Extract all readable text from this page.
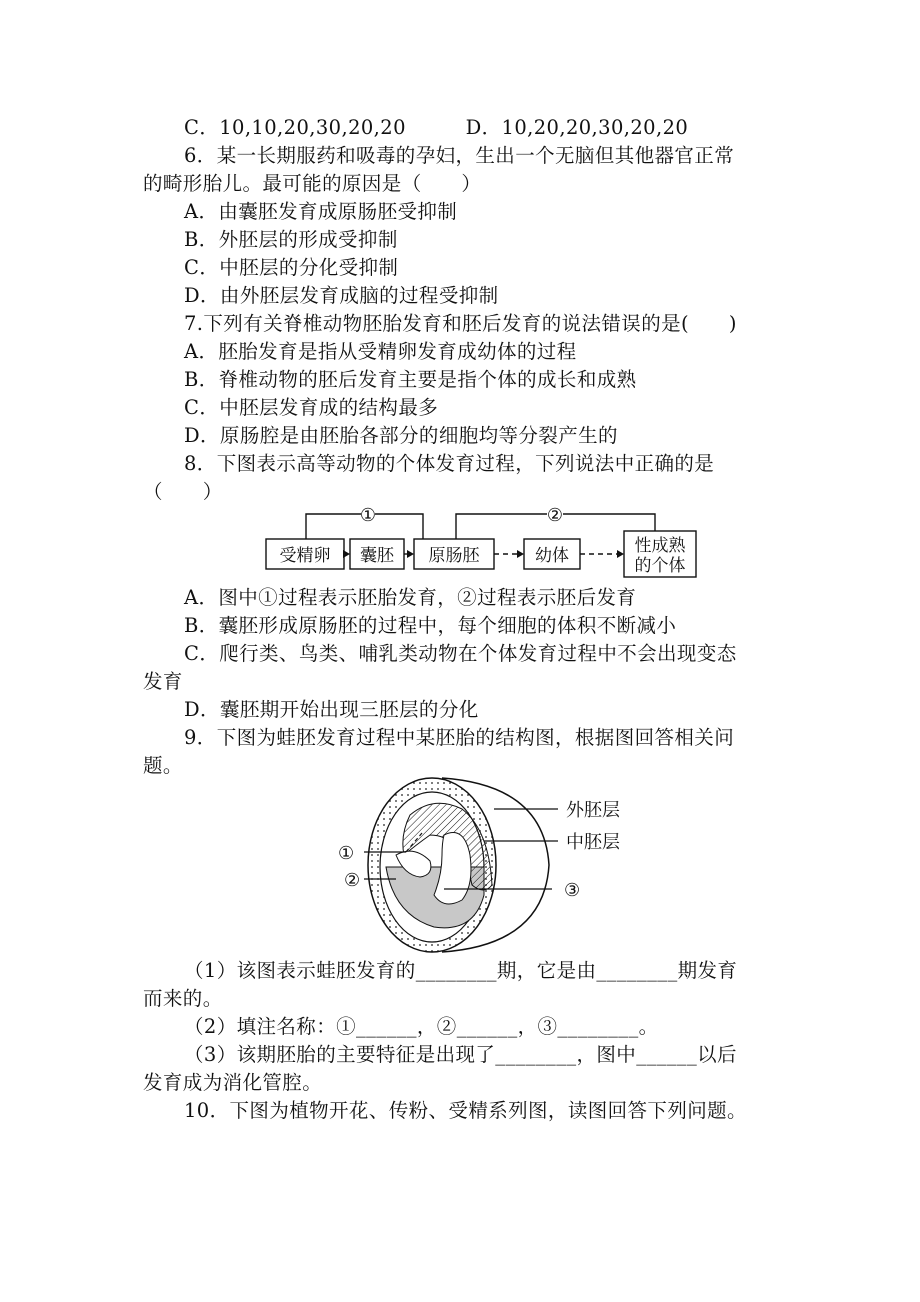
C．10,10,20,30,20,20　　　D．10,20,20,30,20,20
6．某一长期服药和吸毒的孕妇，生出一个无脑但其他器官正常
的畸形胎儿。最可能的原因是（　　）
A．由囊胚发育成原肠胚受抑制
B．外胚层的形成受抑制
C．中胚层的分化受抑制
D．由外胚层发育成脑的过程受抑制
7.下列有关脊椎动物胚胎发育和胚后发育的说法错误的是(　　)
A．胚胎发育是指从受精卵发育成幼体的过程
B．脊椎动物的胚后发育主要是指个体的成长和成熟
C．中胚层发育成的结构最多
D．原肠腔是由胚胎各部分的细胞均等分裂产生的
8．下图表示高等动物的个体发育过程，下列说法中正确的是
（　　）
①	②
受精卵 囊胚 原肠胚	幼体	性成熟
的个体
A．图中①过程表示胚胎发育，②过程表示胚后发育
B．囊胚形成原肠胚的过程中，每个细胞的体积不断减小
C．爬行类、鸟类、哺乳类动物在个体发育过程中不会出现变态
发育
D．囊胚期开始出现三胚层的分化
9．下图为蛙胚发育过程中某胚胎的结构图，根据图回答相关问
题。
外胚层
中胚层
①
②	③
（1）该图表示蛙胚发育的________期，它是由________期发育
而来的。
（2）填注名称：①______，②______，③________。
（3）该期胚胎的主要特征是出现了________，图中______以后
发育成为消化管腔。
10．下图为植物开花、传粉、受精系列图，读图回答下列问题。
